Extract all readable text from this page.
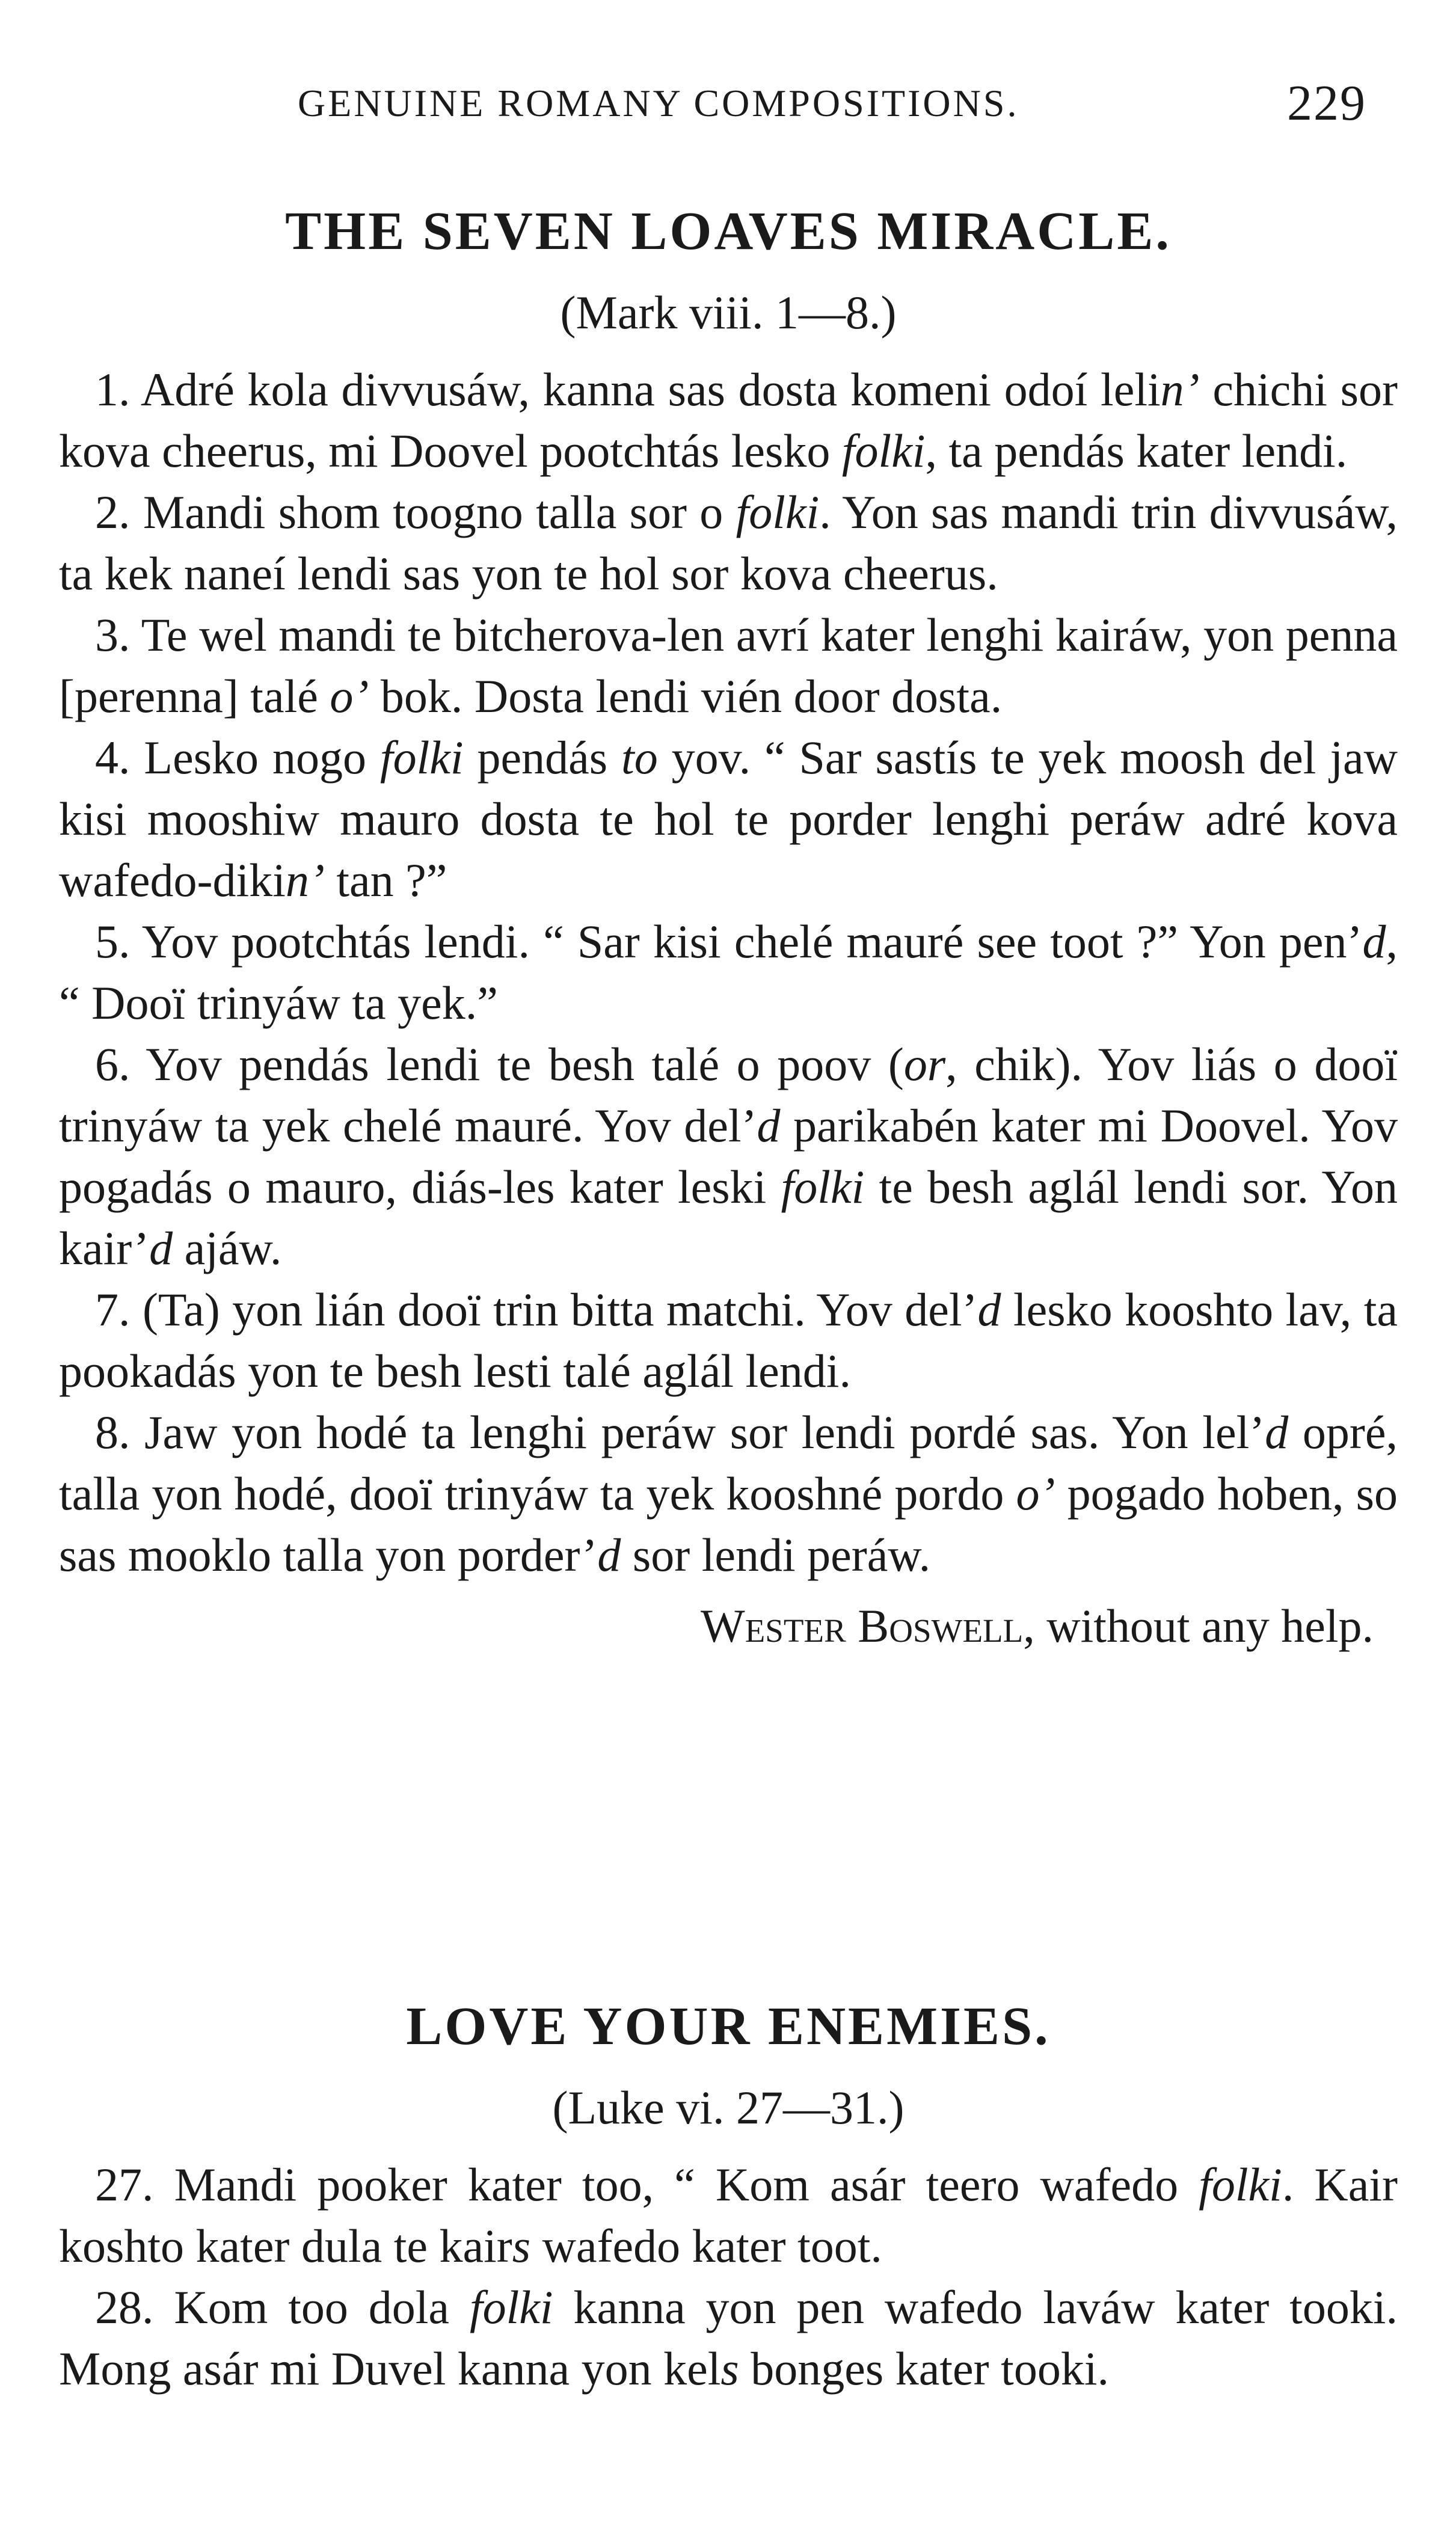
GENUINE ROMANY COMPOSITIONS.	229
THE SEVEN LOAVES MIRACLE.

(Mark viii. 1—8.)

1. Adré kola divvusáw, kanna sas dosta komeni odoí lelin’ chichi sor kova cheerus, mi Doovel pootchtás lesko folki, ta pendás kater lendi.

2. Mandi shom toogno talla sor o folki. Yon sas mandi trin divvusáw, ta kek naneí lendi sas yon te hol sor kova cheerus.

3. Te wel mandi te bitcherova-len avrí kater lenghi kairáw, yon penna [perenna] talé o’ bok. Dosta lendi vién door dosta.

4. Lesko nogo folki pendás to yov. “ Sar sastís te yek moosh del jaw kisi mooshiw mauro dosta te hol te porder lenghi peráw adré kova wafedo-dikin’ tan ?”

5. Yov pootchtás lendi. “ Sar kisi chelé mauré see toot ?” Yon pen’d, “ Dooï trinyáw ta yek.”

6. Yov pendás lendi te besh talé o poov (or, chik). Yov liás o dooï trinyáw ta yek chelé mauré. Yov del’d parikabén kater mi Doovel. Yov pogadás o mauro, diás-les kater leski folki te besh aglál lendi sor. Yon kair’d ajáw.

7. (Ta) yon lián dooï trin bitta matchi. Yov del’d lesko kooshto lav, ta pookadás yon te besh lesti talé aglál lendi.

8. Jaw yon hodé ta lenghi peráw sor lendi pordé sas. Yon lel’d opré, talla yon hodé, dooï trinyáw ta yek kooshné pordo o’ pogado hoben, so sas mooklo talla yon porder’d sor lendi peráw.

Wester Boswell, without any help.

LOVE YOUR ENEMIES.

(Luke vi. 27—31.)

27. Mandi pooker kater too, “ Kom asár teero wafedo folki. Kair koshto kater dula te kairs wafedo kater toot.

28. Kom too dola folki kanna yon pen wafedo laváw kater tooki. Mong asár mi Duvel kanna yon kels bonges kater tooki.
